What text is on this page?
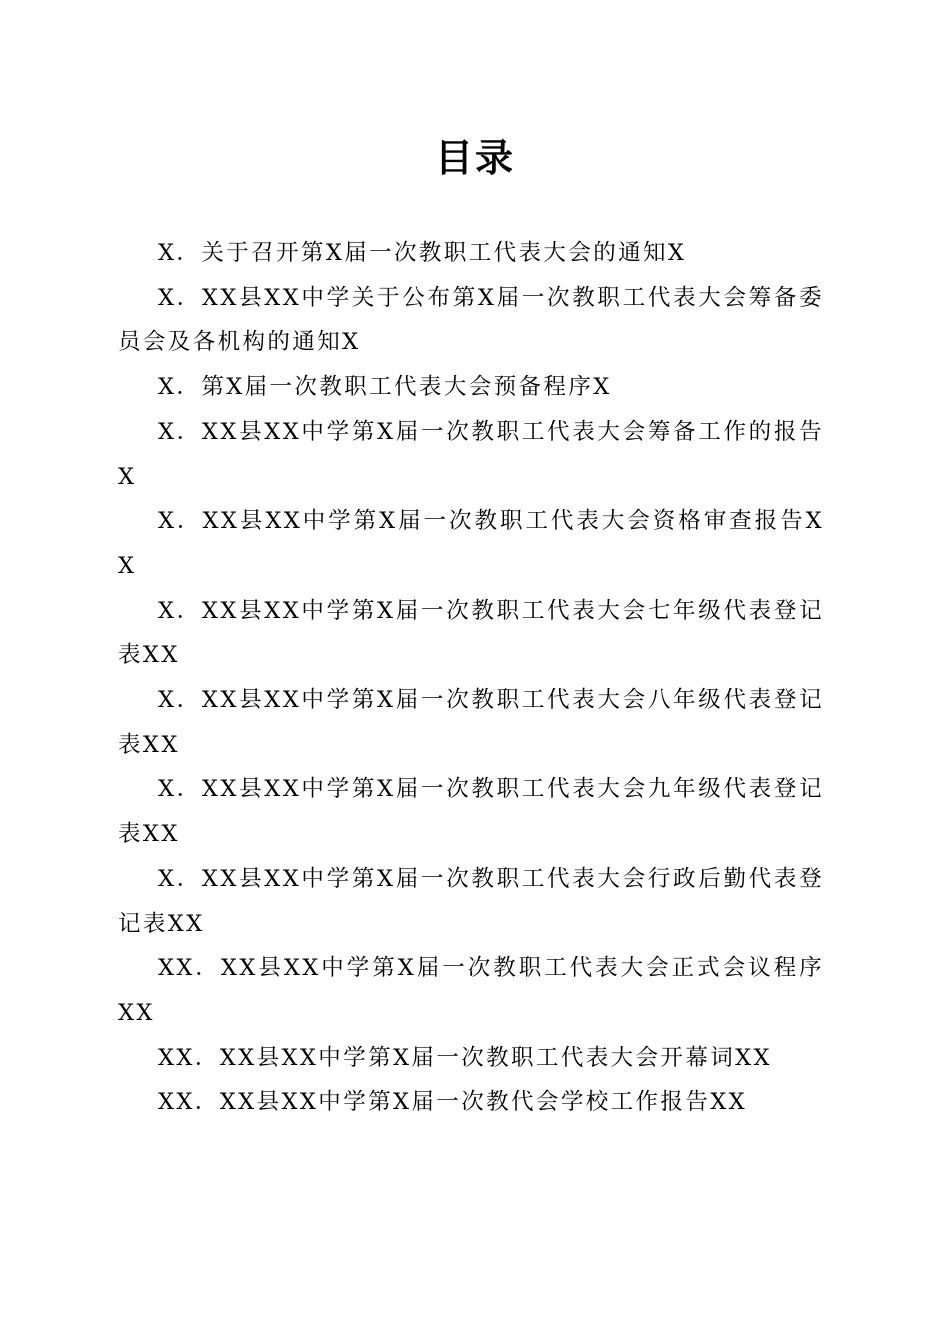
目录
X．关于召开第X届一次教职工代表大会的通知X
X．XX县XX中学关于公布第X届一次教职工代表大会筹备委员会及各机构的通知X
X．第X届一次教职工代表大会预备程序X
X．XX县XX中学第X届一次教职工代表大会筹备工作的报告X
X．XX县XX中学第X届一次教职工代表大会资格审查报告XX
X．XX县XX中学第X届一次教职工代表大会七年级代表登记表XX
X．XX县XX中学第X届一次教职工代表大会八年级代表登记表XX
X．XX县XX中学第X届一次教职工代表大会九年级代表登记表XX
X．XX县XX中学第X届一次教职工代表大会行政后勤代表登记表XX
XX．XX县XX中学第X届一次教职工代表大会正式会议程序XX
XX．XX县XX中学第X届一次教职工代表大会开幕词XX
XX．XX县XX中学第X届一次教代会学校工作报告XX
